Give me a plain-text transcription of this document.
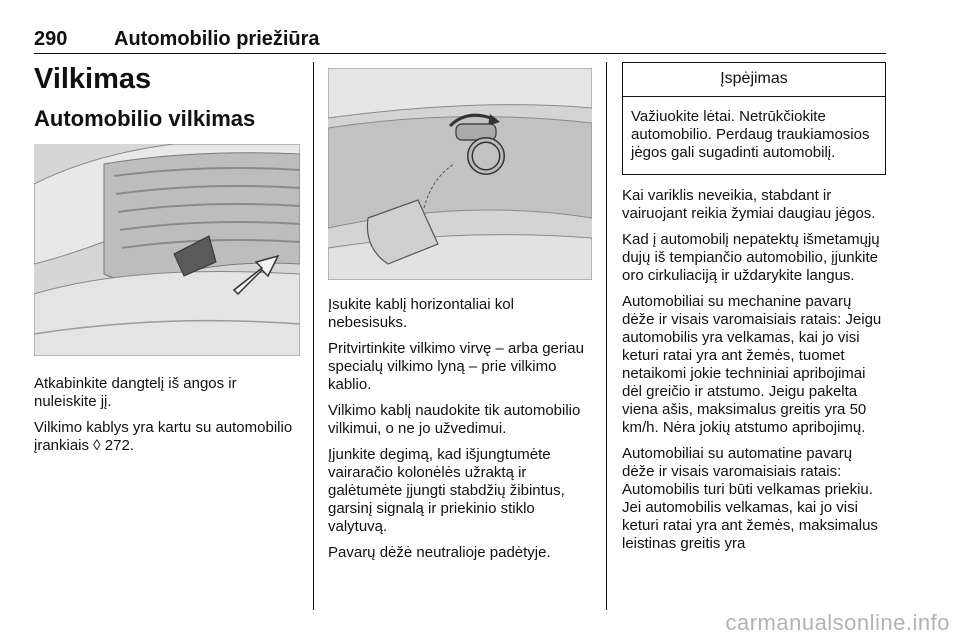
290 Automobilio priežiūra
Vilkimas
Automobilio vilkimas

Atkabinkite dangtelį iš angos ir nuleiskite jį.

Vilkimo kablys yra kartu su automobilio įrankiais ◊ 272.

Įsukite kablį horizontaliai kol nebesisuks.

Pritvirtinkite vilkimo virvę – arba geriau specialų vilkimo lyną – prie vilkimo kablio.

Vilkimo kablį naudokite tik automobilio vilkimui, o ne jo užvedimui.

Įjunkite degimą, kad išjungtumėte vairaračio kolonėlės užraktą ir galėtumėte įjungti stabdžių žibintus, garsinį signalą ir priekinio stiklo valytuvą.

Pavarų dėžė neutralioje padėtyje.

Įspėjimas
Važiuokite lėtai. Netrūkčiokite automobilio. Perdaug traukiamosios jėgos gali sugadinti automobilį.

Kai variklis neveikia, stabdant ir vairuojant reikia žymiai daugiau jėgos.

Kad į automobilį nepatektų išmetamųjų dujų iš tempiančio automobilio, įjunkite oro cirkuliaciją ir uždarykite langus.

Automobiliai su mechanine pavarų dėže ir visais varomaisiais ratais: Jeigu automobilis yra velkamas, kai jo visi keturi ratai yra ant žemės, tuomet netaikomi jokie techniniai apribojimai dėl greičio ir atstumo. Jeigu pakelta viena ašis, maksimalus greitis yra 50 km/h. Nėra jokių atstumo apribojimų.

Automobiliai su automatine pavarų dėže ir visais varomaisiais ratais: Automobilis turi būti velkamas priekiu. Jei automobilis velkamas, kai jo visi keturi ratai yra ant žemės, maksimalus leistinas greitis yra

carmanualsonline.info
